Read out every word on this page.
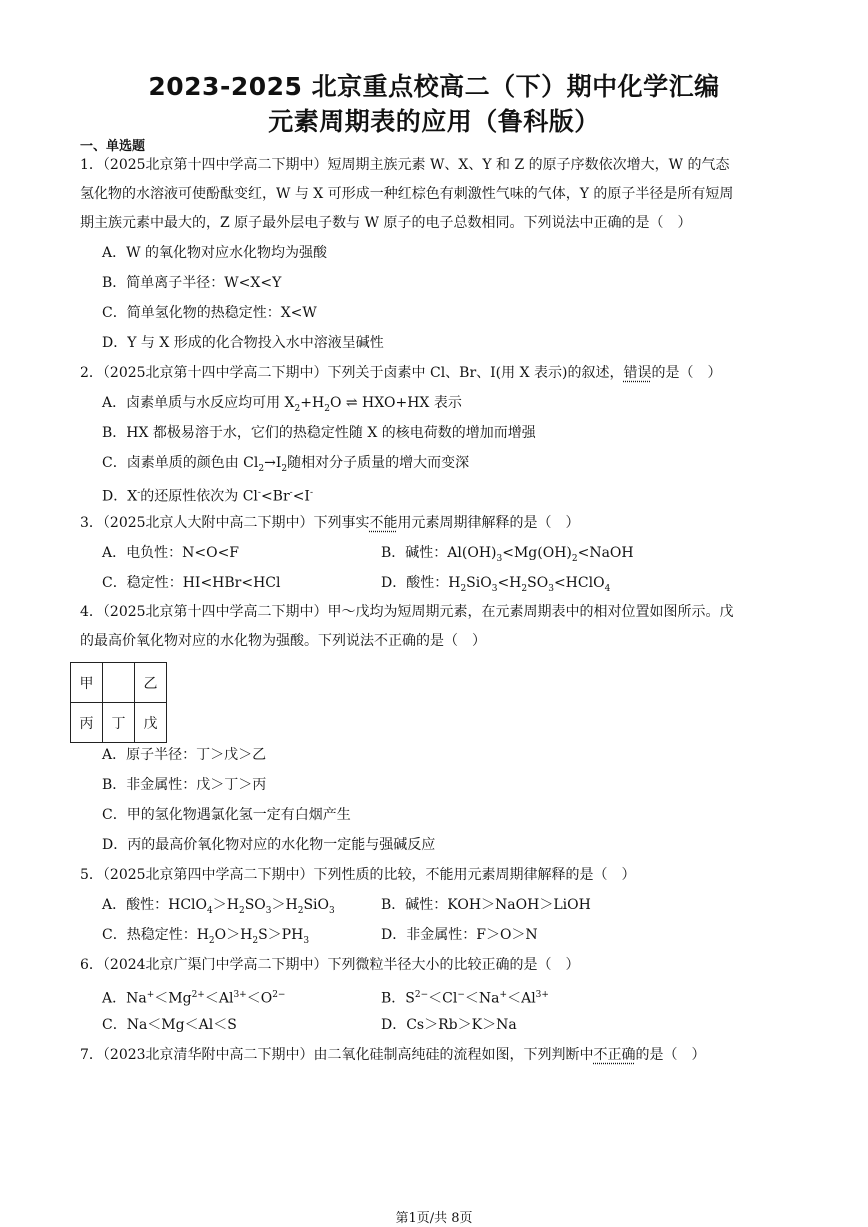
2023-2025 北京重点校高二（下）期中化学汇编
元素周期表的应用（鲁科版）
一、单选题
1．（2025北京第十四中学高二下期中）短周期主族元素 W、X、Y 和 Z 的原子序数依次增大，W 的气态
氢化物的水溶液可使酚酞变红，W 与 X 可形成一种红棕色有刺激性气味的气体，Y 的原子半径是所有短周
期主族元素中最大的，Z 原子最外层电子数与 W 原子的电子总数相同。下列说法中正确的是（　）
A．W 的氧化物对应水化物均为强酸
B．简单离子半径：W<X<Y
C．简单氢化物的热稳定性：X<W
D．Y 与 X 形成的化合物投入水中溶液呈碱性
2．（2025北京第十四中学高二下期中）下列关于卤素中 Cl、Br、I(用 X 表示)的叙述，错误的是（　）
A．卤素单质与水反应均可用 $X_2+H_2O$ ⇌ HXO+HX 表示
B．HX 都极易溶于水，它们的热稳定性随 X 的核电荷数的增加而增强
C．卤素单质的颜色由 $Cl_2\to I_2$随相对分子质量的增大而变深
D．X-的还原性依次为 Cl-<Br-<I-
3．（2025北京人大附中高二下期中）下列事实不能用元素周期律解释的是（　）
A．电负性：N<O<F	B．碱性：$Al(OH)_3<Mg(OH)_2<NaOH$
C．稳定性：HI<HBr<HCl	D．酸性：$H_2SiO_3<H_2SO_3<HClO_4$
4．（2025北京第十四中学高二下期中）甲～戊均为短周期元素，在元素周期表中的相对位置如图所示。戊
的最高价氧化物对应的水化物为强酸。下列说法不正确的是（　）
甲		乙
丙	丁	戊
A．原子半径：丁＞戊＞乙
B．非金属性：戊＞丁＞丙
C．甲的氢化物遇氯化氢一定有白烟产生
D．丙的最高价氧化物对应的水化物一定能与强碱反应
5．（2025北京第四中学高二下期中）下列性质的比较，不能用元素周期律解释的是（　）
A．酸性：$HClO_4>H_2SO_3>H_2SiO_3$	B．碱性：KOH＞NaOH＞LiOH
C．热稳定性：$H_2O>H_2S>PH_3$	D．非金属性：F＞O＞N
6．（2024北京广渠门中学高二下期中）下列微粒半径大小的比较正确的是（　）
A．$Na^+<Mg^{2+}<Al^{3+}<O^{2-}$	B．$S^{2-}<Cl^-<Na^+<Al^{3+}$
C．Na＜Mg＜Al＜S	D．Cs＞Rb＞K＞Na
7．（2023北京清华附中高二下期中）由二氧化硅制高纯硅的流程如图，下列判断中不正确的是（　）
第1页/共 8页
